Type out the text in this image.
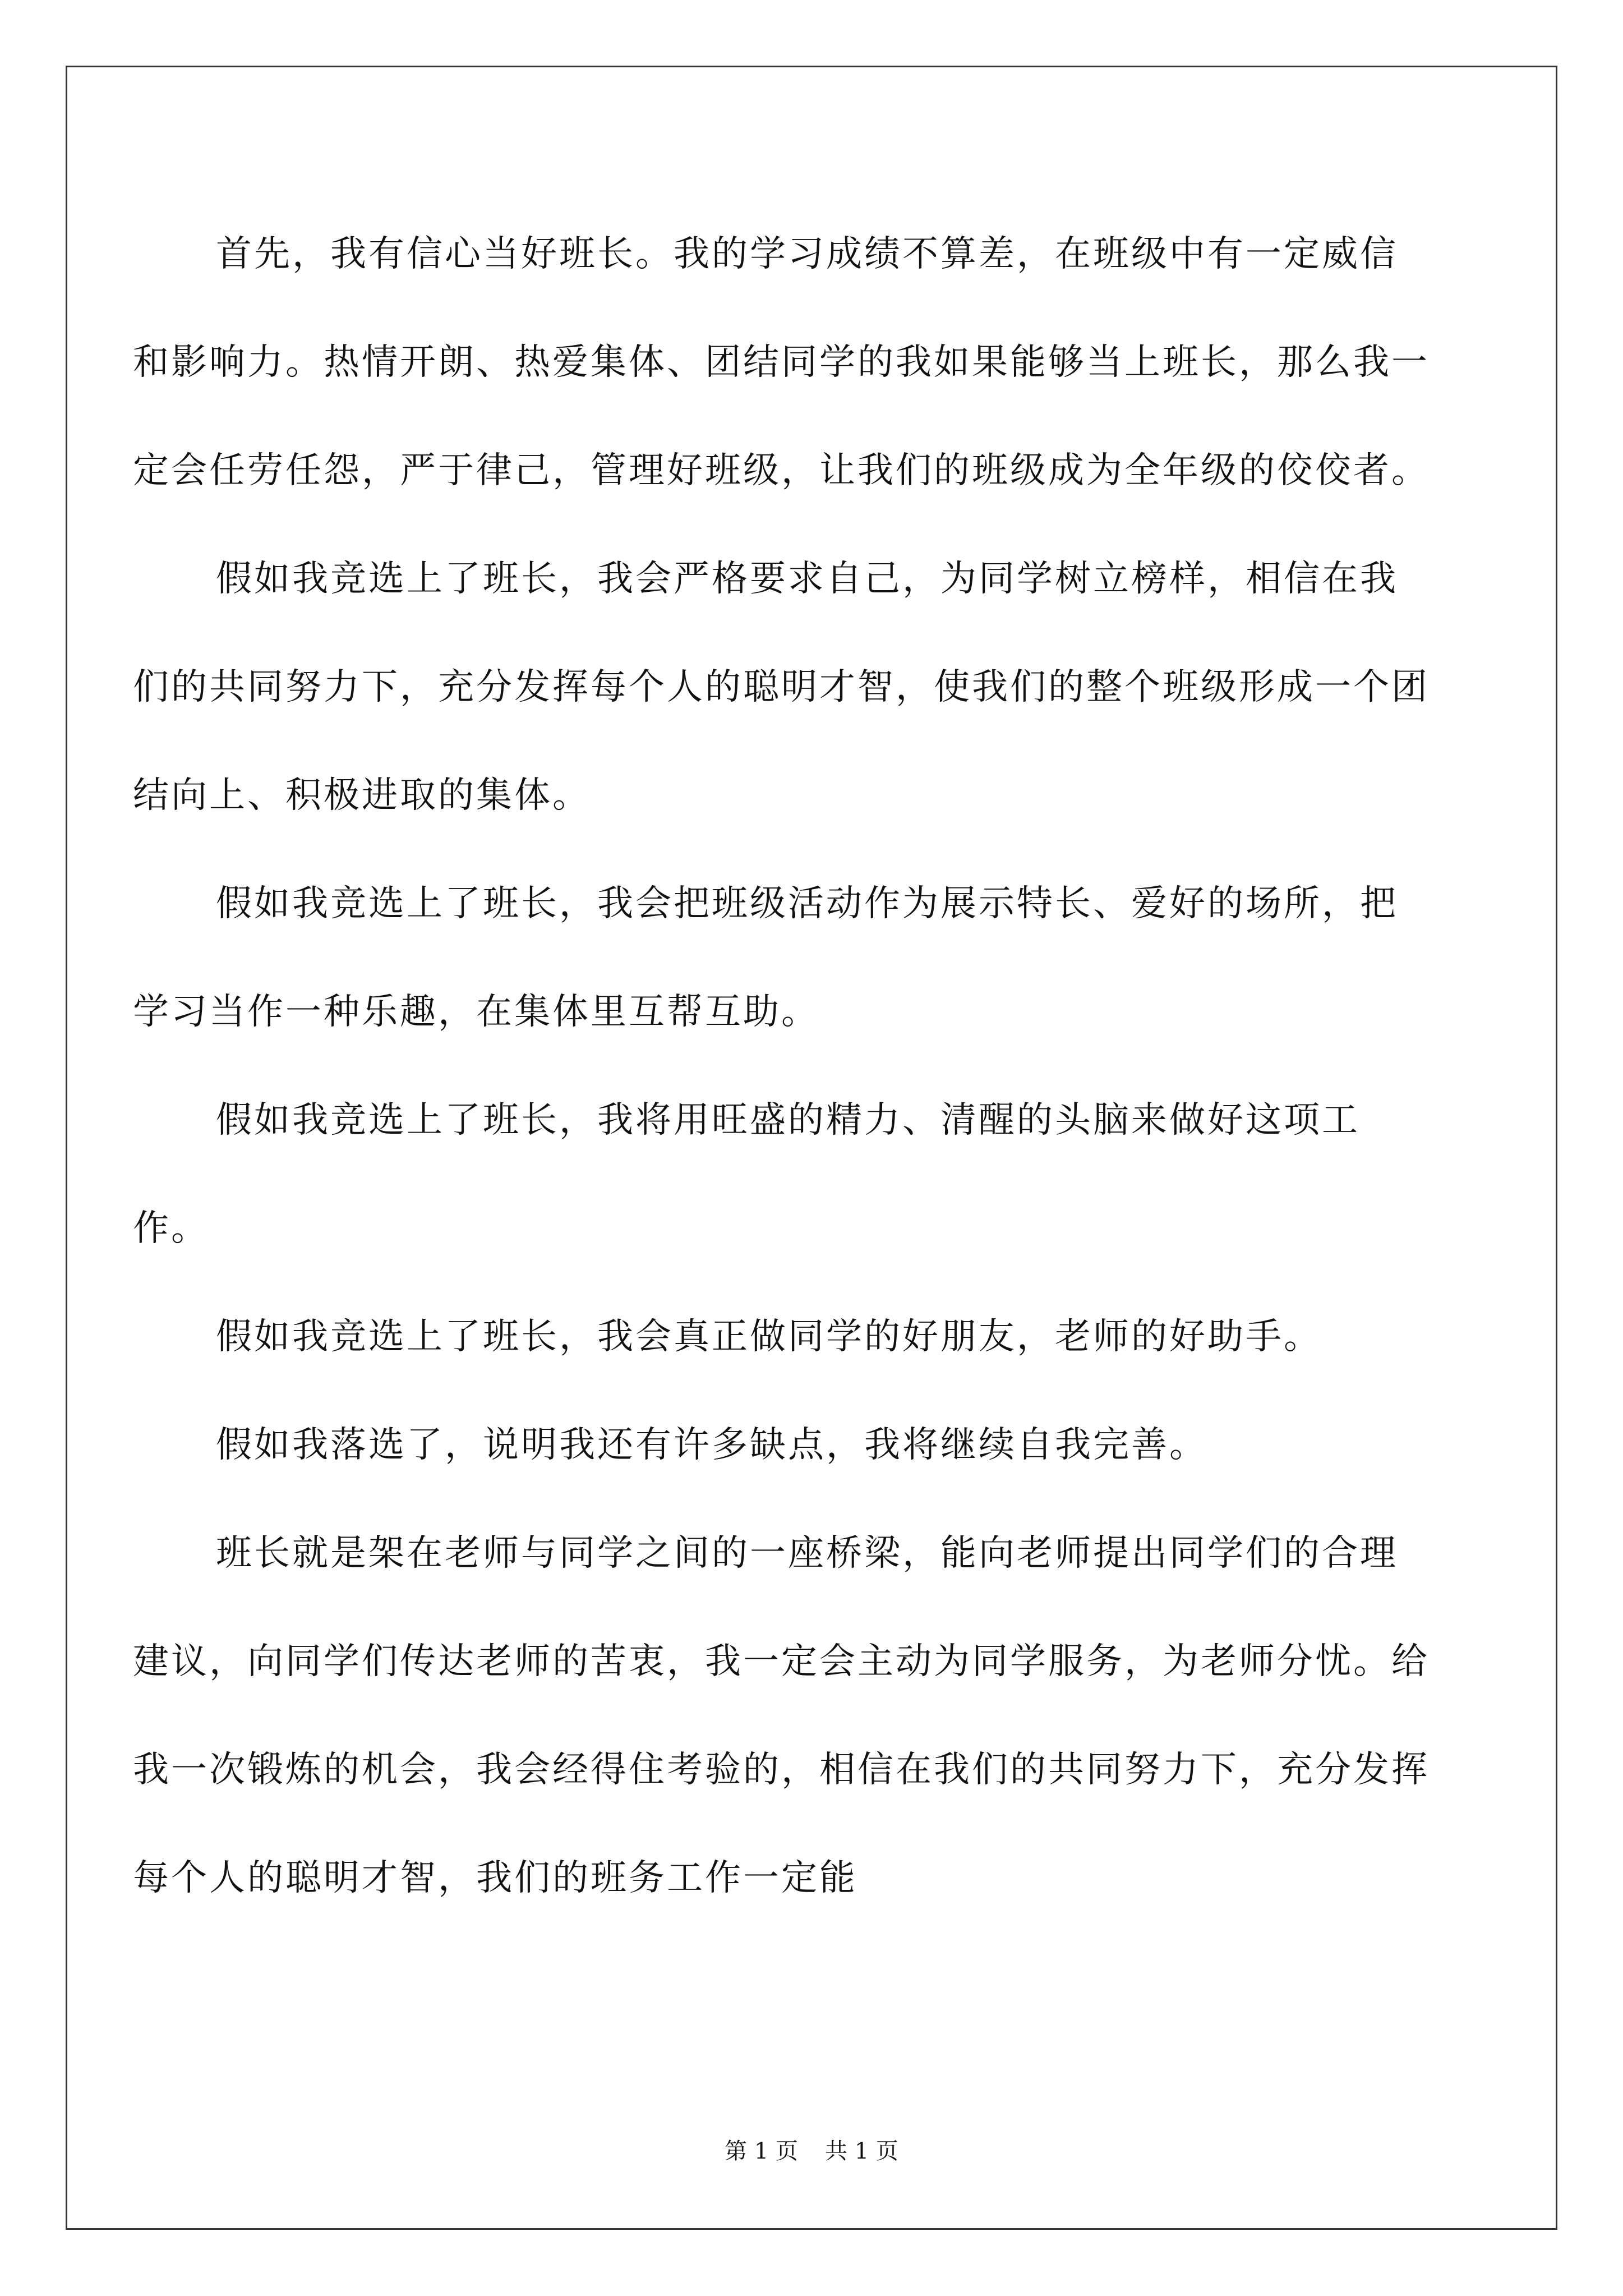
首先，我有信心当好班长。我的学习成绩不算差，在班级中有一定威信和影响力。热情开朗、热爱集体、团结同学的我如果能够当上班长，那么我一定会任劳任怨，严于律己，管理好班级，让我们的班级成为全年级的佼佼者。

假如我竞选上了班长，我会严格要求自己，为同学树立榜样，相信在我们的共同努力下，充分发挥每个人的聪明才智，使我们的整个班级形成一个团结向上、积极进取的集体。

假如我竞选上了班长，我会把班级活动作为展示特长、爱好的场所，把学习当作一种乐趣，在集体里互帮互助。

假如我竞选上了班长，我将用旺盛的精力、清醒的头脑来做好这项工作。

假如我竞选上了班长，我会真正做同学的好朋友，老师的好助手。

假如我落选了，说明我还有许多缺点，我将继续自我完善。

班长就是架在老师与同学之间的一座桥梁，能向老师提出同学们的合理建议，向同学们传达老师的苦衷，我一定会主动为同学服务，为老师分忧。给我一次锻炼的机会，我会经得住考验的，相信在我们的共同努力下，充分发挥每个人的聪明才智，我们的班务工作一定能

第 1 页 共 1 页
